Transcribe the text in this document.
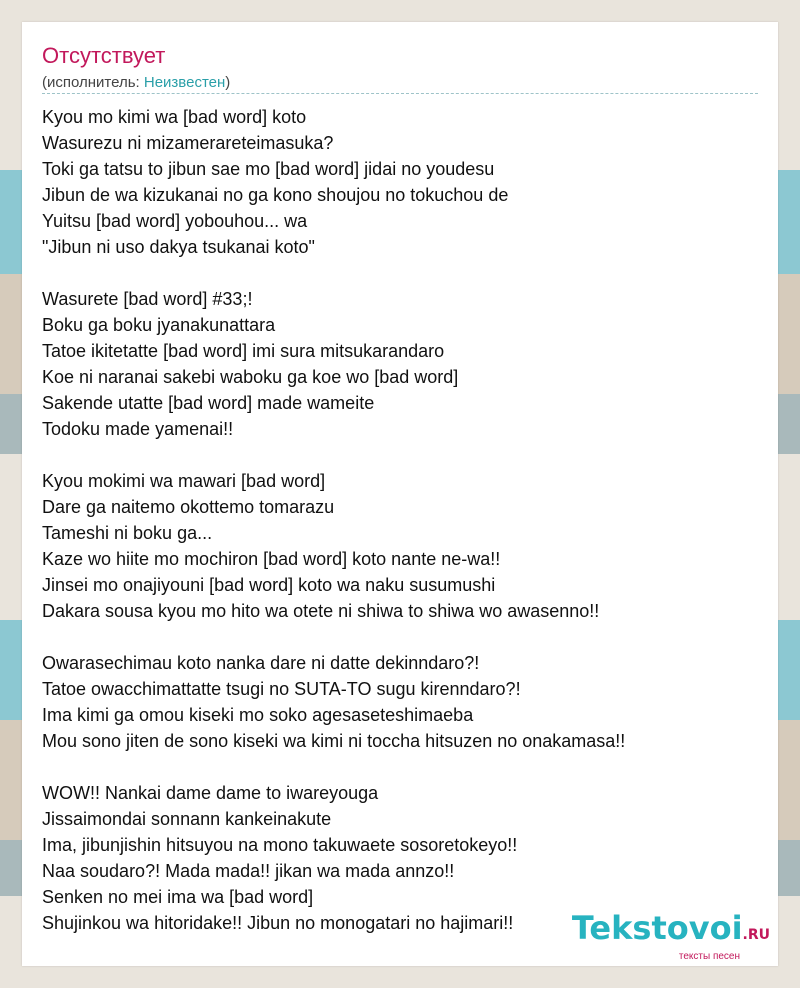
Отсутствует
(исполнитель: Неизвестен)
Kyou mo kimi wa [bad word] koto
Wasurezu ni mizamerareteimasuka?
Toki ga tatsu to jibun sae mo [bad word] jidai no youdesu
Jibun de wa kizukanai no ga kono shoujou no tokuchou de
Yuitsu [bad word] yobouhou... wa
"Jibun ni uso dakya tsukanai koto"
Wasurete [bad word] #33;!
Boku ga boku jyanakunattara
Tatoe ikitetatte [bad word] imi sura mitsukarandaro
Koe ni naranai sakebi waboku ga koe wo [bad word]
Sakende utatte [bad word] made wameite
Todoku made yamenai!!
Kyou mokimi wa mawari [bad word]
Dare ga naitemo okottemo tomarazu
Tameshi ni boku ga...
Kaze wo hiite mo mochiron [bad word] koto nante ne-wa!!
Jinsei mo onajiyouni [bad word] koto wa naku susumushi
Dakara sousa kyou mo hito wa otete ni shiwa to shiwa wo awasenno!!
Owarasechimau koto nanka dare ni datte dekinndaro?!
Tatoe owacchimattatte tsugi no SUTA-TO sugu kirenndaro?!
Ima kimi ga omou kiseki mo soko agesaseteshimaeba
Mou sono jiten de sono kiseki wa kimi ni toccha hitsuzen no onakamasa!!
WOW!! Nankai dame dame to iwareyouga
Jissaimondai sonnann kankeinakute
Ima, jibunjishin hitsuyou na mono takuwaete sosoretokeyo!!
Naa soudaro?! Mada mada!! jikan wa mada annzo!!
Senken no mei ima wa [bad word]
Shujinkou wa hitoridake!! Jibun no monogatari no hajimari!!	Tekstovoi.RU
тексты песен
